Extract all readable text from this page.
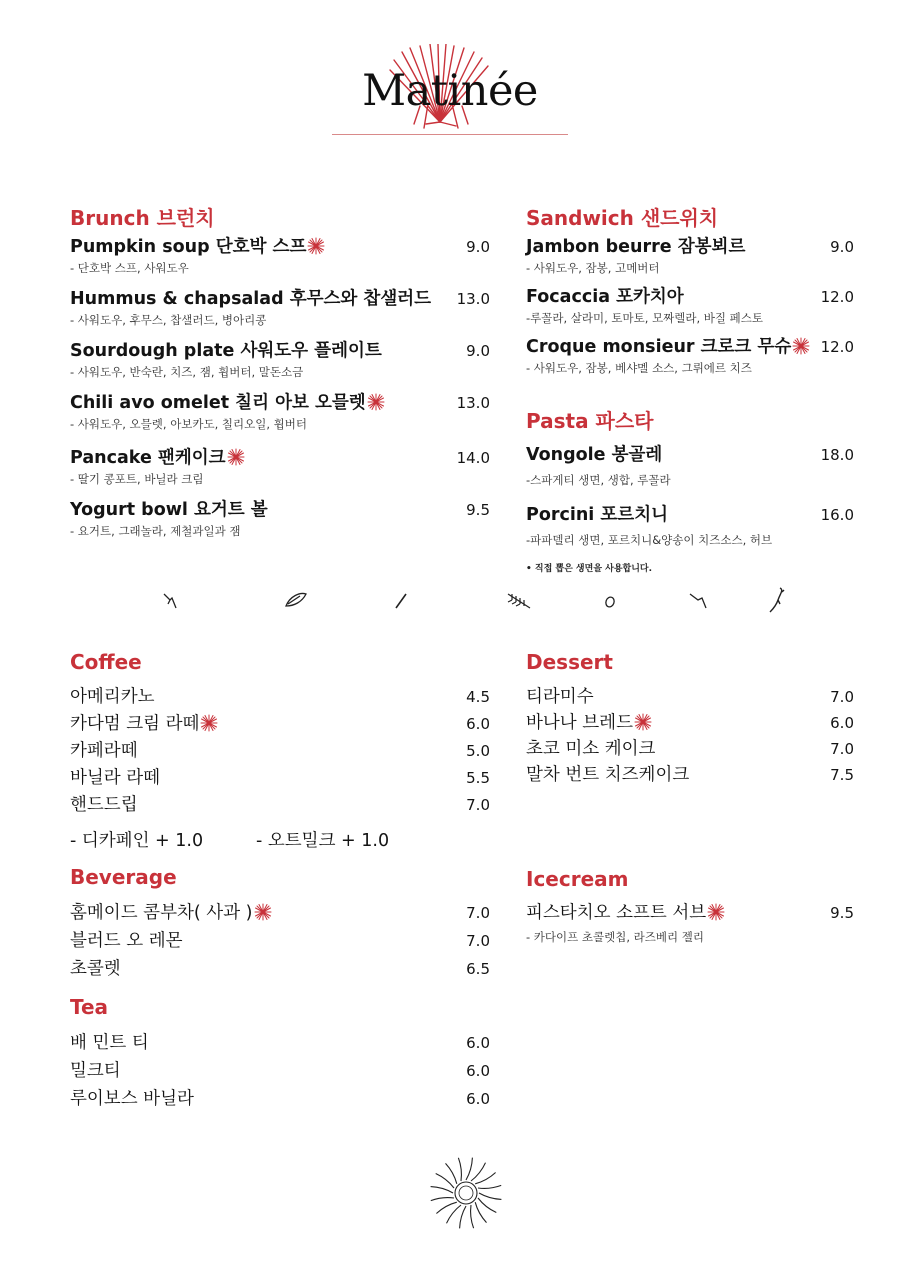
Matinée
Brunch 브런치
Pumpkin soup 단호박 스프	9.0
- 단호박 스프, 사워도우
Hummus & chapsalad 후무스와 찹샐러드 13.0
- 사워도우, 후무스, 찹샐러드, 병아리콩
Sourdough plate 사워도우 플레이트	9.0
- 사워도우, 반숙란, 치즈, 잼, 휩버터, 말돈소금
Chili avo omelet 칠리 아보 오믈렛	13.0
- 사워도우, 오믈렛, 아보카도, 칠리오일, 휩버터
Pancake 팬케이크	14.0
- 딸기 콩포트, 바닐라 크림
Yogurt bowl 요거트 볼	9.5
- 요거트, 그래놀라, 제철과일과 잼
Sandwich 샌드위치
Jambon beurre 잠봉뵈르	9.0
- 사워도우, 잠봉, 고메버터
Focaccia 포카치아	12.0
-루꼴라, 살라미, 토마토, 모짜렐라, 바질 페스토
Croque monsieur 크로크 무슈	12.0
- 사워도우, 잠봉, 베샤멜 소스, 그뤼에르 치즈
Pasta 파스타
Vongole 봉골레	18.0
-스파게티 생면, 생합, 루꼴라
Porcini 포르치니	16.0
-파파델리 생면, 포르치니&양송이 치즈소스, 허브
• 직접 뽑은 생면을 사용합니다.
Coffee
아메리카노	4.5
카다멈 크림 라떼	6.0
카페라떼	5.0
바닐라 라떼	5.5
핸드드립	7.0
- 디카페인 + 1.0	- 오트밀크 + 1.0
Beverage
홈메이드 콤부차( 사과 )	7.0
블러드 오 레몬	7.0
초콜렛	6.5
Tea
배 민트 티	6.0
밀크티	6.0
루이보스 바닐라	6.0
Dessert
티라미수	7.0
바나나 브레드	6.0
초코 미소 케이크	7.0
말차 번트 치즈케이크	7.5
Icecream
피스타치오 소프트 서브	9.5
- 카다이프 초콜렛칩, 라즈베리 젤리
